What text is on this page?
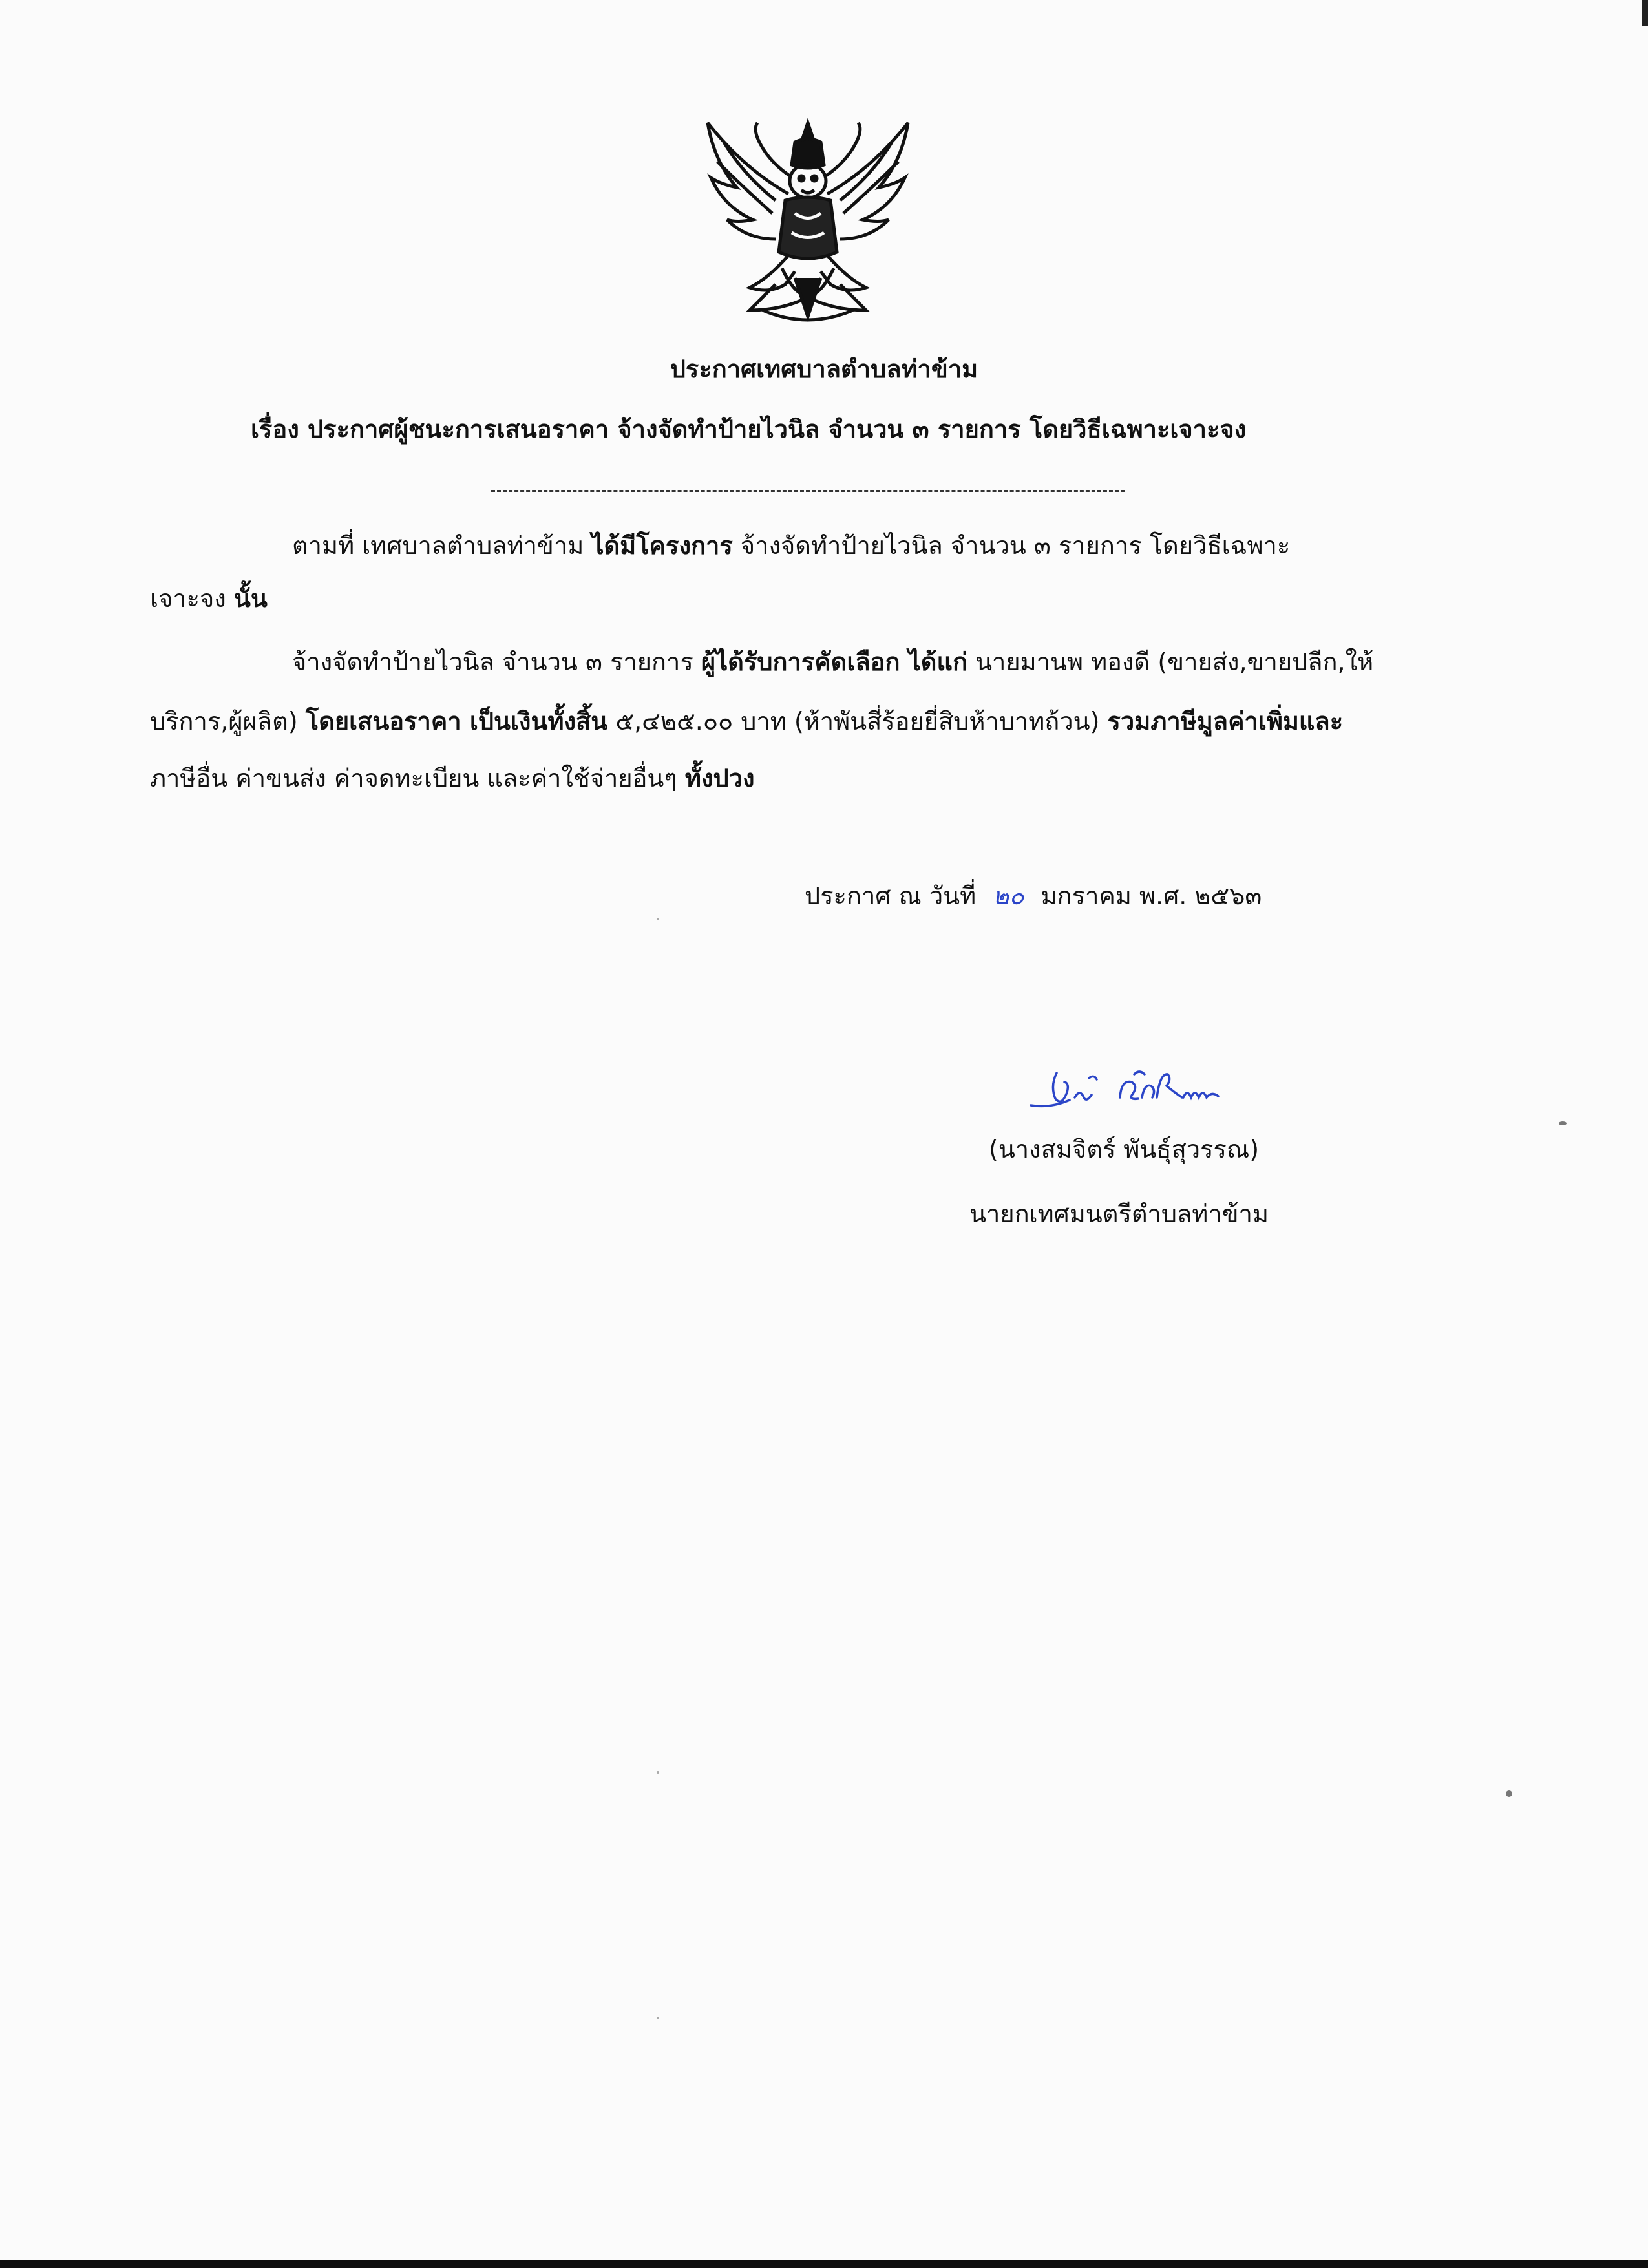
ประกาศเทศบาลตำบลท่าข้าม
เรื่อง ประกาศผู้ชนะการเสนอราคา จ้างจัดทำป้ายไวนิล จำนวน ๓ รายการ โดยวิธีเฉพาะเจาะจง
ตามที่ เทศบาลตำบลท่าข้าม ได้มีโครงการ จ้างจัดทำป้ายไวนิล จำนวน ๓ รายการ โดยวิธีเฉพาะ
เจาะจง นั้น
จ้างจัดทำป้ายไวนิล จำนวน ๓ รายการ ผู้ได้รับการคัดเลือก ได้แก่ นายมานพ ทองดี (ขายส่ง,ขายปลีก,ให้
บริการ,ผู้ผลิต) โดยเสนอราคา เป็นเงินทั้งสิ้น ๕,๔๒๕.๐๐ บาท (ห้าพันสี่ร้อยยี่สิบห้าบาทถ้วน) รวมภาษีมูลค่าเพิ่มและ
ภาษีอื่น ค่าขนส่ง ค่าจดทะเบียน และค่าใช้จ่ายอื่นๆ ทั้งปวง
ประกาศ ณ วันที่ ๒๐ มกราคม พ.ศ. ๒๕๖๓
(นางสมจิตร์ พันธุ์สุวรรณ)
นายกเทศมนตรีตำบลท่าข้าม
